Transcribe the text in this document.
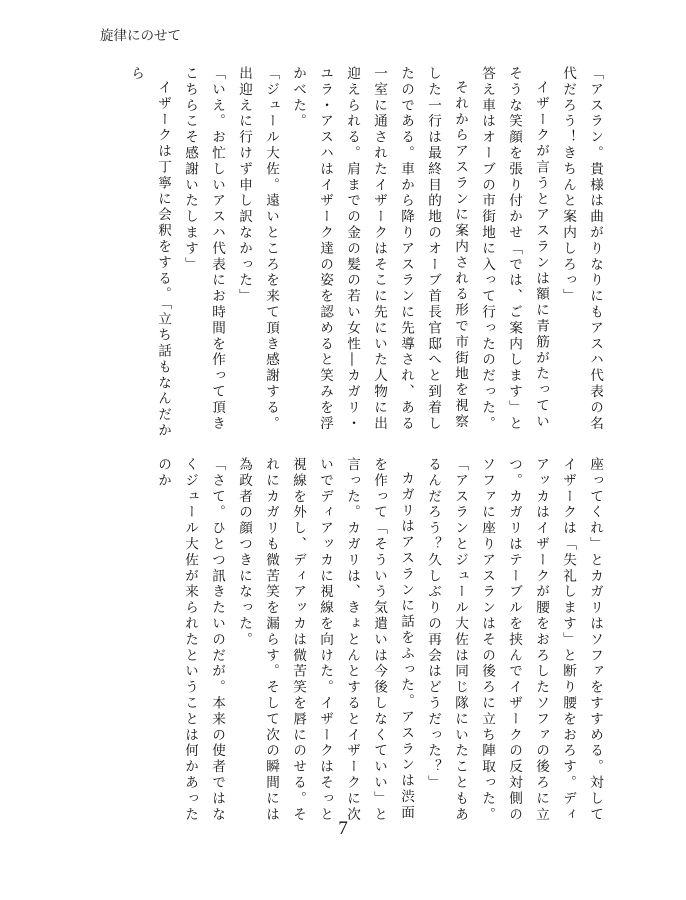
旋律にのせて

「アスラン。貴様は曲がりなりにもアスハ代表の名代だろう！きちんと案内しろっ」

イザークが言うとアスランは額に青筋がたっていそうな笑顔を張り付かせ「では、ご案内します」と答え車はオーブの市街地に入って行ったのだった。

それからアスランに案内される形で市街地を視察した一行は最終目的地のオーブ首長官邸へと到着したのである。車から降りアスランに先導され、ある一室に通されたイザークはそこに先にいた人物に出迎えられる。肩までの金の髪の若い女性―カガリ・ユラ・アスハはイザーク達の姿を認めると笑みを浮かべた。

「ジュール大佐。遠いところを来て頂き感謝する。出迎えに行けず申し訳なかった」

「いえ。お忙しいアスハ代表にお時間を作って頂きこちらこそ感謝いたします」

イザークは丁寧に会釈をする。「立ち話もなんだから

座ってくれ」とカガリはソファをすすめる。対してイザークは「失礼します」と断り腰をおろす。ディアッカはイザークが腰をおろしたソファの後ろに立つ。カガリはテーブルを挟んでイザークの反対側のソファに座りアスランはその後ろに立ち陣取った。

「アスランとジュール大佐は同じ隊にいたこともあるんだろう？久しぶりの再会はどうだった？」

カガリはアスランに話をふった。アスランは渋面を作って「そういう気遣いは今後しなくていい」と言った。カガリは、きょとんとするとイザークに次いでディアッカに視線を向けた。イザークはそっと視線を外し、ディアッカは微苦笑を唇にのせる。それにカガリも微苦笑を漏らす。そして次の瞬間には為政者の顔つきになった。

「さて。ひとつ訊きたいのだが。本来の使者ではなくジュール大佐が来られたということは何かあったのか

7
